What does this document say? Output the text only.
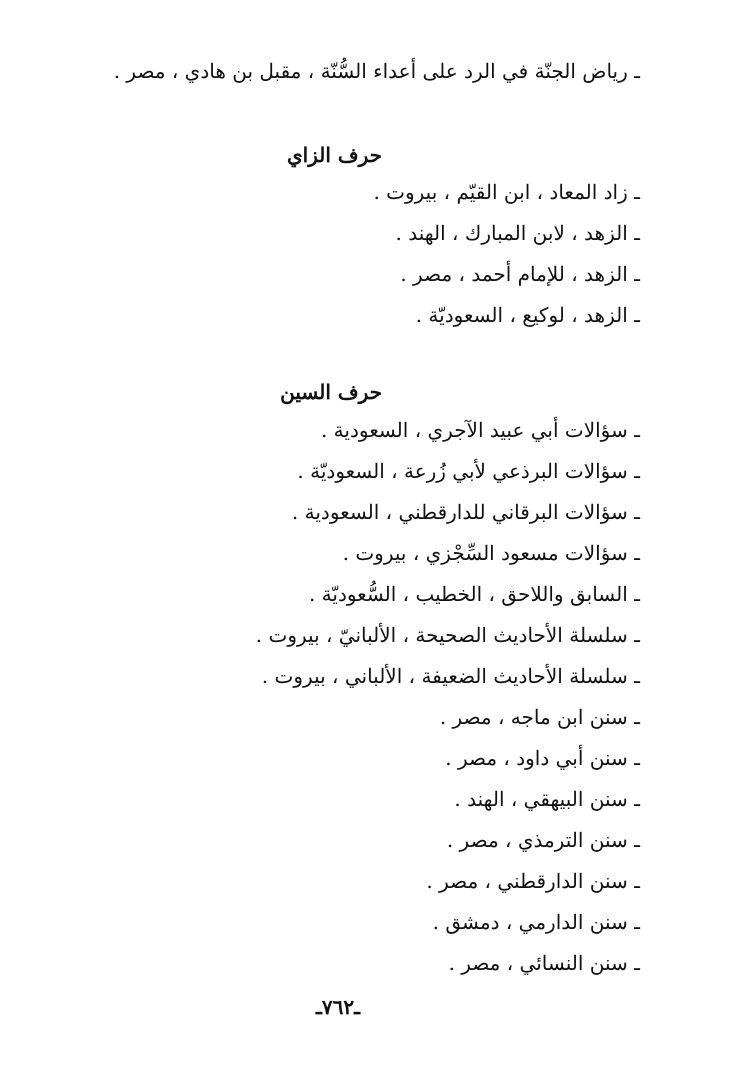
ـ رياض الجنّة في الرد على أعداء السُّنّة ، مقبل بن هادي ، مصر .
حرف الزاي
ـ زاد المعاد ، ابن القيّم ، بيروت .
ـ الزهد ، لابن المبارك ، الهند .
ـ الزهد ، للإمام أحمد ، مصر .
ـ الزهد ، لوكيع ، السعوديّة .
حرف السين
ـ سؤالات أبي عبيد الآجري ، السعودية .
ـ سؤالات البرذعي لأبي زُرعة ، السعوديّة .
ـ سؤالات البرقاني للدارقطني ، السعودية .
ـ سؤالات مسعود السِّجْزي ، بيروت .
ـ السابق واللاحق ، الخطيب ، السُّعوديّة .
ـ سلسلة الأحاديث الصحيحة ، الألبانيّ ، بيروت .
ـ سلسلة الأحاديث الضعيفة ، الألباني ، بيروت .
ـ سنن ابن ماجه ، مصر .
ـ سنن أبي داود ، مصر .
ـ سنن البيهقي ، الهند .
ـ سنن الترمذي ، مصر .
ـ سنن الدارقطني ، مصر .
ـ سنن الدارمي ، دمشق .
ـ سنن النسائي ، مصر .
ـ٧٦٢ـ
